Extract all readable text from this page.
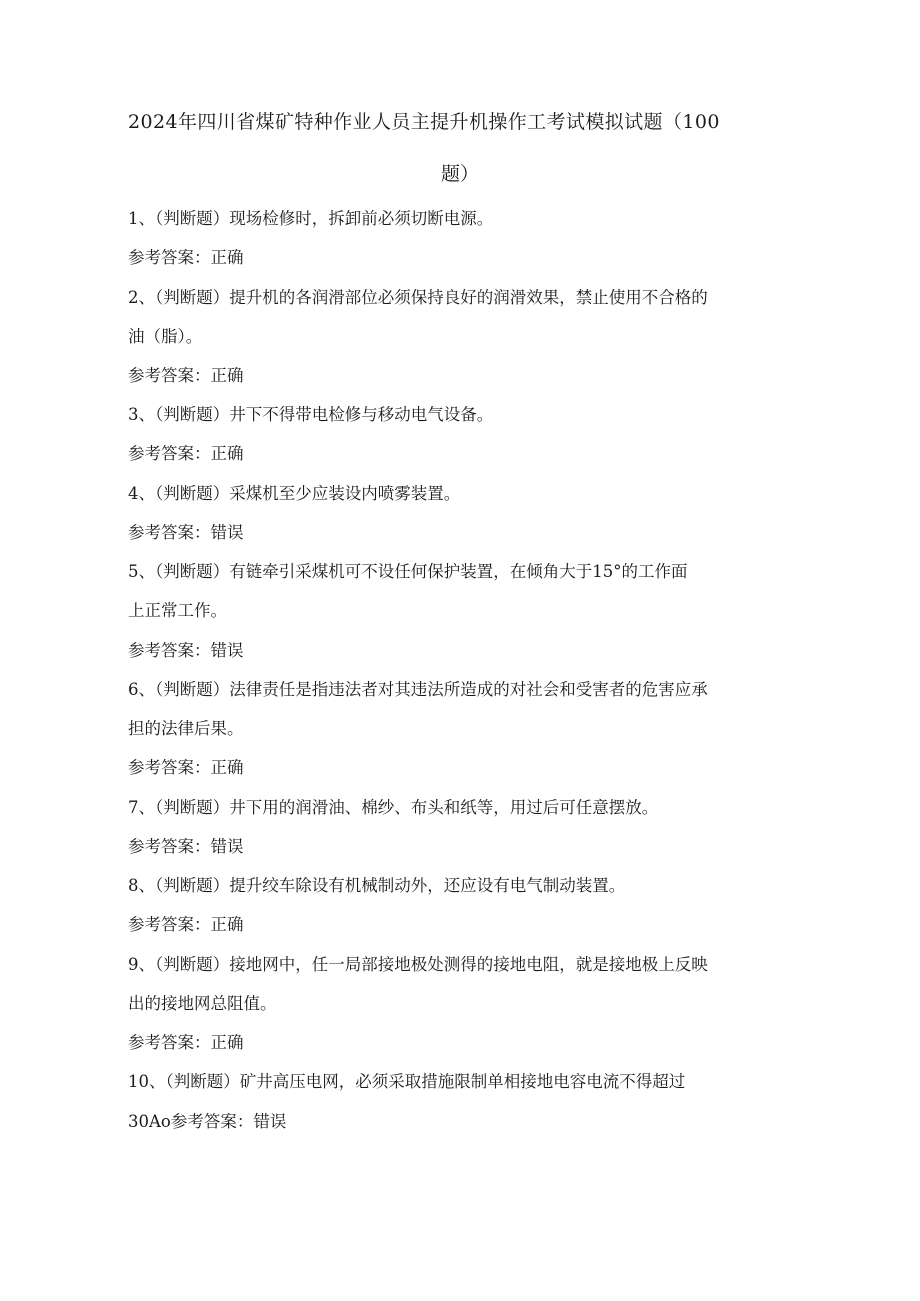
2024年四川省煤矿特种作业人员主提升机操作工考试模拟试题（100
题）
1、（判断题）现场检修时，拆卸前必须切断电源。
参考答案：正确
2、（判断题）提升机的各润滑部位必须保持良好的润滑效果，禁止使用不合格的
油（脂）。
参考答案：正确
3、（判断题）井下不得带电检修与移动电气设备。
参考答案：正确
4、（判断题）采煤机至少应装设内喷雾装置。
参考答案：错误
5、（判断题）有链牵引采煤机可不设任何保护装置，在倾角大于15°的工作面
上正常工作。
参考答案：错误
6、（判断题）法律责任是指违法者对其违法所造成的对社会和受害者的危害应承
担的法律后果。
参考答案：正确
7、（判断题）井下用的润滑油、棉纱、布头和纸等，用过后可任意摆放。
参考答案：错误
8、（判断题）提升绞车除设有机械制动外，还应设有电气制动装置。
参考答案：正确
9、（判断题）接地网中，任一局部接地极处测得的接地电阻，就是接地极上反映
出的接地网总阻值。
参考答案：正确
10、（判断题）矿井高压电网，必须采取措施限制单相接地电容电流不得超过
30Ao参考答案：错误
